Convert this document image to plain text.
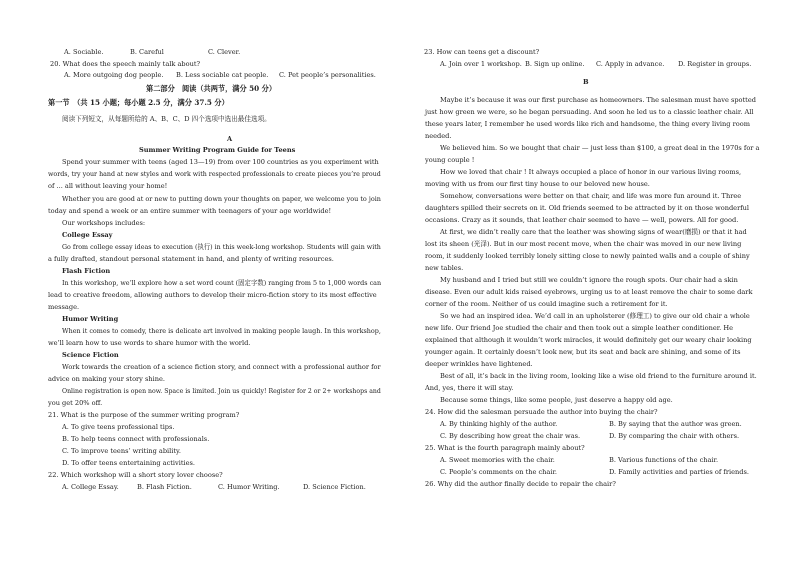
A. Sociable.	B. Careful	C. Clever.
20. What does the speech mainly talk about?
A. More outgoing dog people. B. Less sociable cat people. C. Pet people’s personalities.
第二部分　阅读（共两节，满分 50 分）
第一节　（共 15 小题；每小题 2.5 分，满分 37.5 分）
阅读下列短文，从每题所给的 A、B、C、D 四个选项中选出最佳选项。
A
Summer Writing Program Guide for Teens
Spend your summer with teens (aged 13—19) from over 100 countries as you experiment with
words, try your hand at new styles and work with respected professionals to create pieces you’re proud
of ... all without leaving your home!
Whether you are good at or new to putting down your thoughts on paper, we welcome you to join
today and spend a week or an entire summer with teenagers of your age worldwide!
Our workshops includes:
College Essay
Go from college essay ideas to execution (执行) in this week-long workshop. Students will gain with
a fully drafted, standout personal statement in hand, and plenty of writing resources.
Flash Fiction
In this workshop, we’ll explore how a set word count (固定字数) ranging from 5 to 1,000 words can
lead to creative freedom, allowing authors to develop their micro-fiction story to its most effective
message.
Humor Writing
When it comes to comedy, there is delicate art involved in making people laugh. In this workshop,
we’ll learn how to use words to share humor with the world.
Science Fiction
Work towards the creation of a science fiction story, and connect with a professional author for
advice on making your story shine.
Online registration is open now. Space is limited. Join us quickly! Register for 2 or 2+ workshops and
you get 20% off.
21. What is the purpose of the summer writing program?
A. To give teens professional tips.
B. To help teens connect with professionals.
C. To improve teens’ writing ability.
D. To offer teens entertaining activities.
22. Which workshop will a short story lover choose?
A. College Essay.	B. Flash Fiction.	C. Humor Writing.	D. Science Fiction.
23. How can teens get a discount?
A. Join over 1 workshop. B. Sign up online. C. Apply in advance. D. Register in groups.
B
Maybe it’s because it was our first purchase as homeowners. The salesman must have spotted
just how green we were, so he began persuading. And soon he led us to a classic leather chair. All
these years later, I remember he used words like rich and handsome, the thing every living room
needed.
We believed him. So we bought that chair — just less than $100, a great deal in the 1970s for a
young couple !
How we loved that chair ! It always occupied a place of honor in our various living rooms,
moving with us from our first tiny house to our beloved new house.
Somehow, conversations were better on that chair, and life was more fun around it. Three
daughters spilled their secrets on it. Old friends seemed to be attracted by it on those wonderful
occasions. Crazy as it sounds, that leather chair seemed to have — well, powers. All for good.
At first, we didn’t really care that the leather was showing signs of wear(磨损) or that it had
lost its sheen (光泽). But in our most recent move, when the chair was moved in our new living
room, it suddenly looked terribly lonely sitting close to newly painted walls and a couple of shiny
new tables.
My husband and I tried but still we couldn’t ignore the rough spots. Our chair had a skin
disease. Even our adult kids raised eyebrows, urging us to at least remove the chair to some dark
corner of the room. Neither of us could imagine such a retirement for it.
So we had an inspired idea. We’d call in an upholsterer (修理工) to give our old chair a whole
new life. Our friend Joe studied the chair and then took out a simple leather conditioner. He
explained that although it wouldn’t work miracles, it would definitely get our weary chair looking
younger again. It certainly doesn’t look new, but its seat and back are shining, and some of its
deeper wrinkles have lightened.
Best of all, it’s back in the living room, looking like a wise old friend to the furniture around it.
And, yes, there it will stay.
Because some things, like some people, just deserve a happy old age.
24. How did the salesman persuade the author into buying the chair?
A. By thinking highly of the author.	B. By saying that the author was green.
C. By describing how great the chair was.	D. By comparing the chair with others.
25. What is the fourth paragraph mainly about?
A. Sweet memories with the chair.	B. Various functions of the chair.
C. People’s comments on the chair.	D. Family activities and parties of friends.
26. Why did the author finally decide to repair the chair?
